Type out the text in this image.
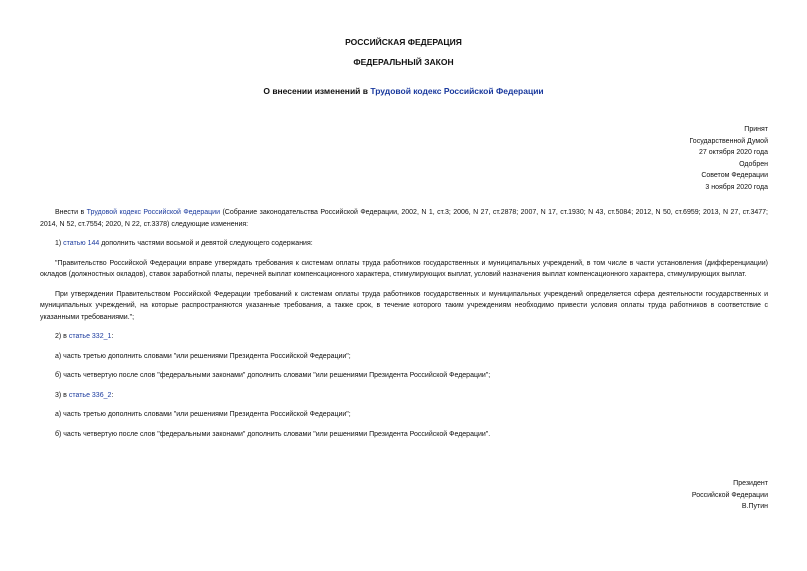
РОССИЙСКАЯ ФЕДЕРАЦИЯ
ФЕДЕРАЛЬНЫЙ ЗАКОН
О внесении изменений в Трудовой кодекс Российской Федерации
Принят
Государственной Думой
27 октября 2020 года
Одобрен
Советом Федерации
3 ноября 2020 года

Внести в Трудовой кодекс Российской Федерации (Собрание законодательства Российской Федерации, 2002, N 1, ст.3; 2006, N 27, ст.2878; 2007, N 17, ст.1930; N 43, ст.5084; 2012, N 50, ст.6959; 2013, N 27, ст.3477; 2014, N 52, ст.7554; 2020, N 22, ст.3378) следующие изменения:

1) статью 144 дополнить частями восьмой и девятой следующего содержания:

"Правительство Российской Федерации вправе утверждать требования к системам оплаты труда работников государственных и муниципальных учреждений, в том числе в части установления (дифференциации) окладов (должностных окладов), ставок заработной платы, перечней выплат компенсационного характера, стимулирующих выплат, условий назначения выплат компенсационного характера, стимулирующих выплат.

При утверждении Правительством Российской Федерации требований к системам оплаты труда работников государственных и муниципальных учреждений определяется сфера деятельности государственных и муниципальных учреждений, на которые распространяются указанные требования, а также срок, в течение которого таким учреждениям необходимо привести условия оплаты труда работников в соответствие с указанными требованиями.";

2) в статье 332_1:

а) часть третью дополнить словами "или решениями Президента Российской Федерации";

б) часть четвертую после слов "федеральными законами" дополнить словами "или решениями Президента Российской Федерации";

3) в статье 336_2:

а) часть третью дополнить словами "или решениями Президента Российской Федерации";

б) часть четвертую после слов "федеральными законами" дополнить словами "или решениями Президента Российской Федерации".

Президент
Российской Федерации
В.Путин
